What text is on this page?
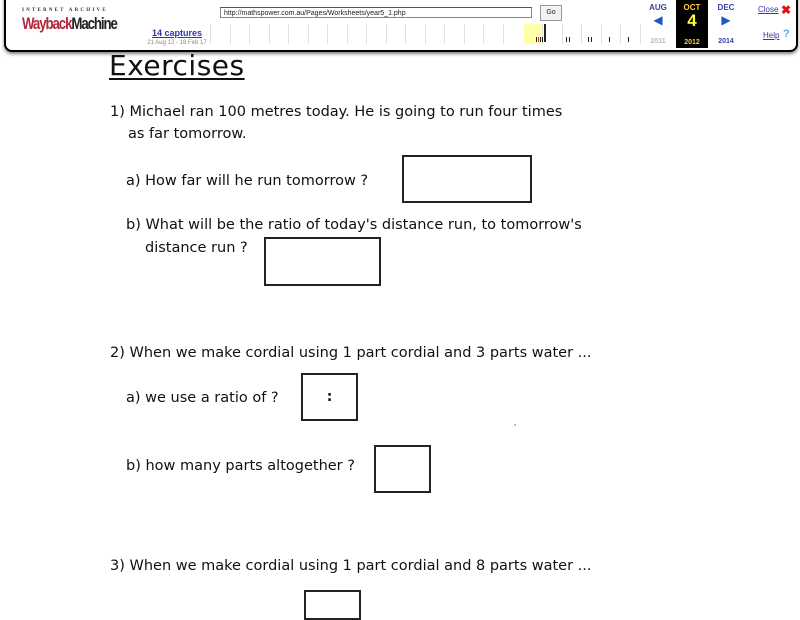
INTERNET ARCHIVE
Wayback Machine	14 captures
21 Aug 12 - 18 Feb 17
http://mathspower.com.au/Pages/Worksheets/year5_1.php	Go
AUG
◀
2011
OCT
4
2012
DEC
▶
2014
Close ✖
Help ?
Exercises
1) Michael ran 100 metres today. He is going to run four times
as far tomorrow.
a) How far will he run tomorrow ?
b) What will be the ratio of today's distance run, to tomorrow's
distance run ?
2) When we make cordial using 1 part cordial and 3 parts water ...
a) we use a ratio of ?	:
b) how many parts altogether ?
3) When we make cordial using 1 part cordial and 8 parts water ...
